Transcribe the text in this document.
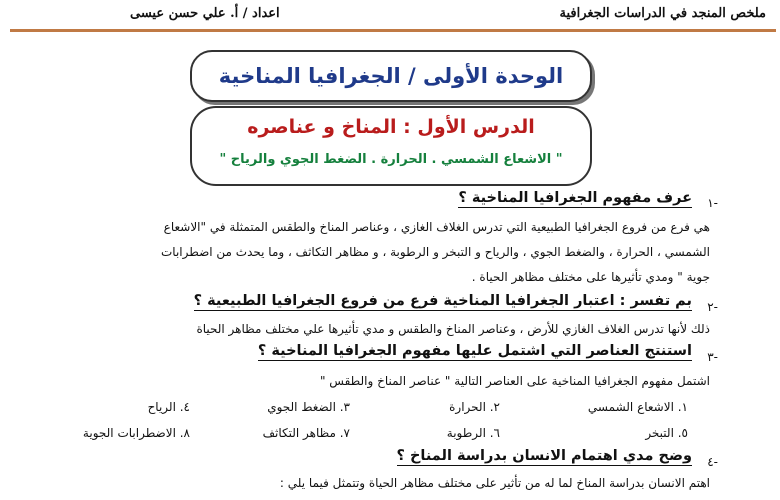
ملخص المنجد في الدراسات الجغرافية
اعداد / أ. علي حسن عيسى
الوحدة الأولى / الجغرافيا المناخية
الدرس الأول : المناخ و عناصره
" الاشعاع الشمسي . الحرارة . الضغط الجوي والرياح "
-١
عرف مفهوم الجغرافيا المناخية ؟
هي فرع من فروع الجغرافيا الطبيعية التي تدرس الغلاف الغازي ، وعناصر المناخ والطقس المتمثلة في "الاشعاع
الشمسي ، الحرارة ، والضغط الجوي ، والرياح و التبخر و الرطوبة ، و مظاهر التكاثف ، وما يحدث من اضطرابات
جوية " ومدي تأثيرها على مختلف مظاهر الحياة .
-٢
بم تفسر : اعتبار الجغرافيا المناخية فرع من فروع الجغرافيا الطبيعية ؟
ذلك لأنها تدرس الغلاف الغازي للأرض ، وعناصر المناخ والطقس و مدي تأثيرها علي مختلف مظاهر الحياة
-٣
استنتج العناصر التي اشتمل عليها مفهوم الجغرافيا المناخية ؟
اشتمل مفهوم الجغرافيا المناخية على العناصر التالية " عناصر المناخ والطقس "
١. الاشعاع الشمسي
٢. الحرارة
٣. الضغط الجوي
٤. الرياح
٥. التبخر
٦. الرطوبة
٧. مظاهر التكاثف
٨. الاضطرابات الجوية
-٤
وضح مدي اهتمام الانسان بدراسة المناخ ؟
اهتم الانسان بدراسة المناخ لما له من تأثير على مختلف مظاهر الحياة وتتمثل فيما يلي :
